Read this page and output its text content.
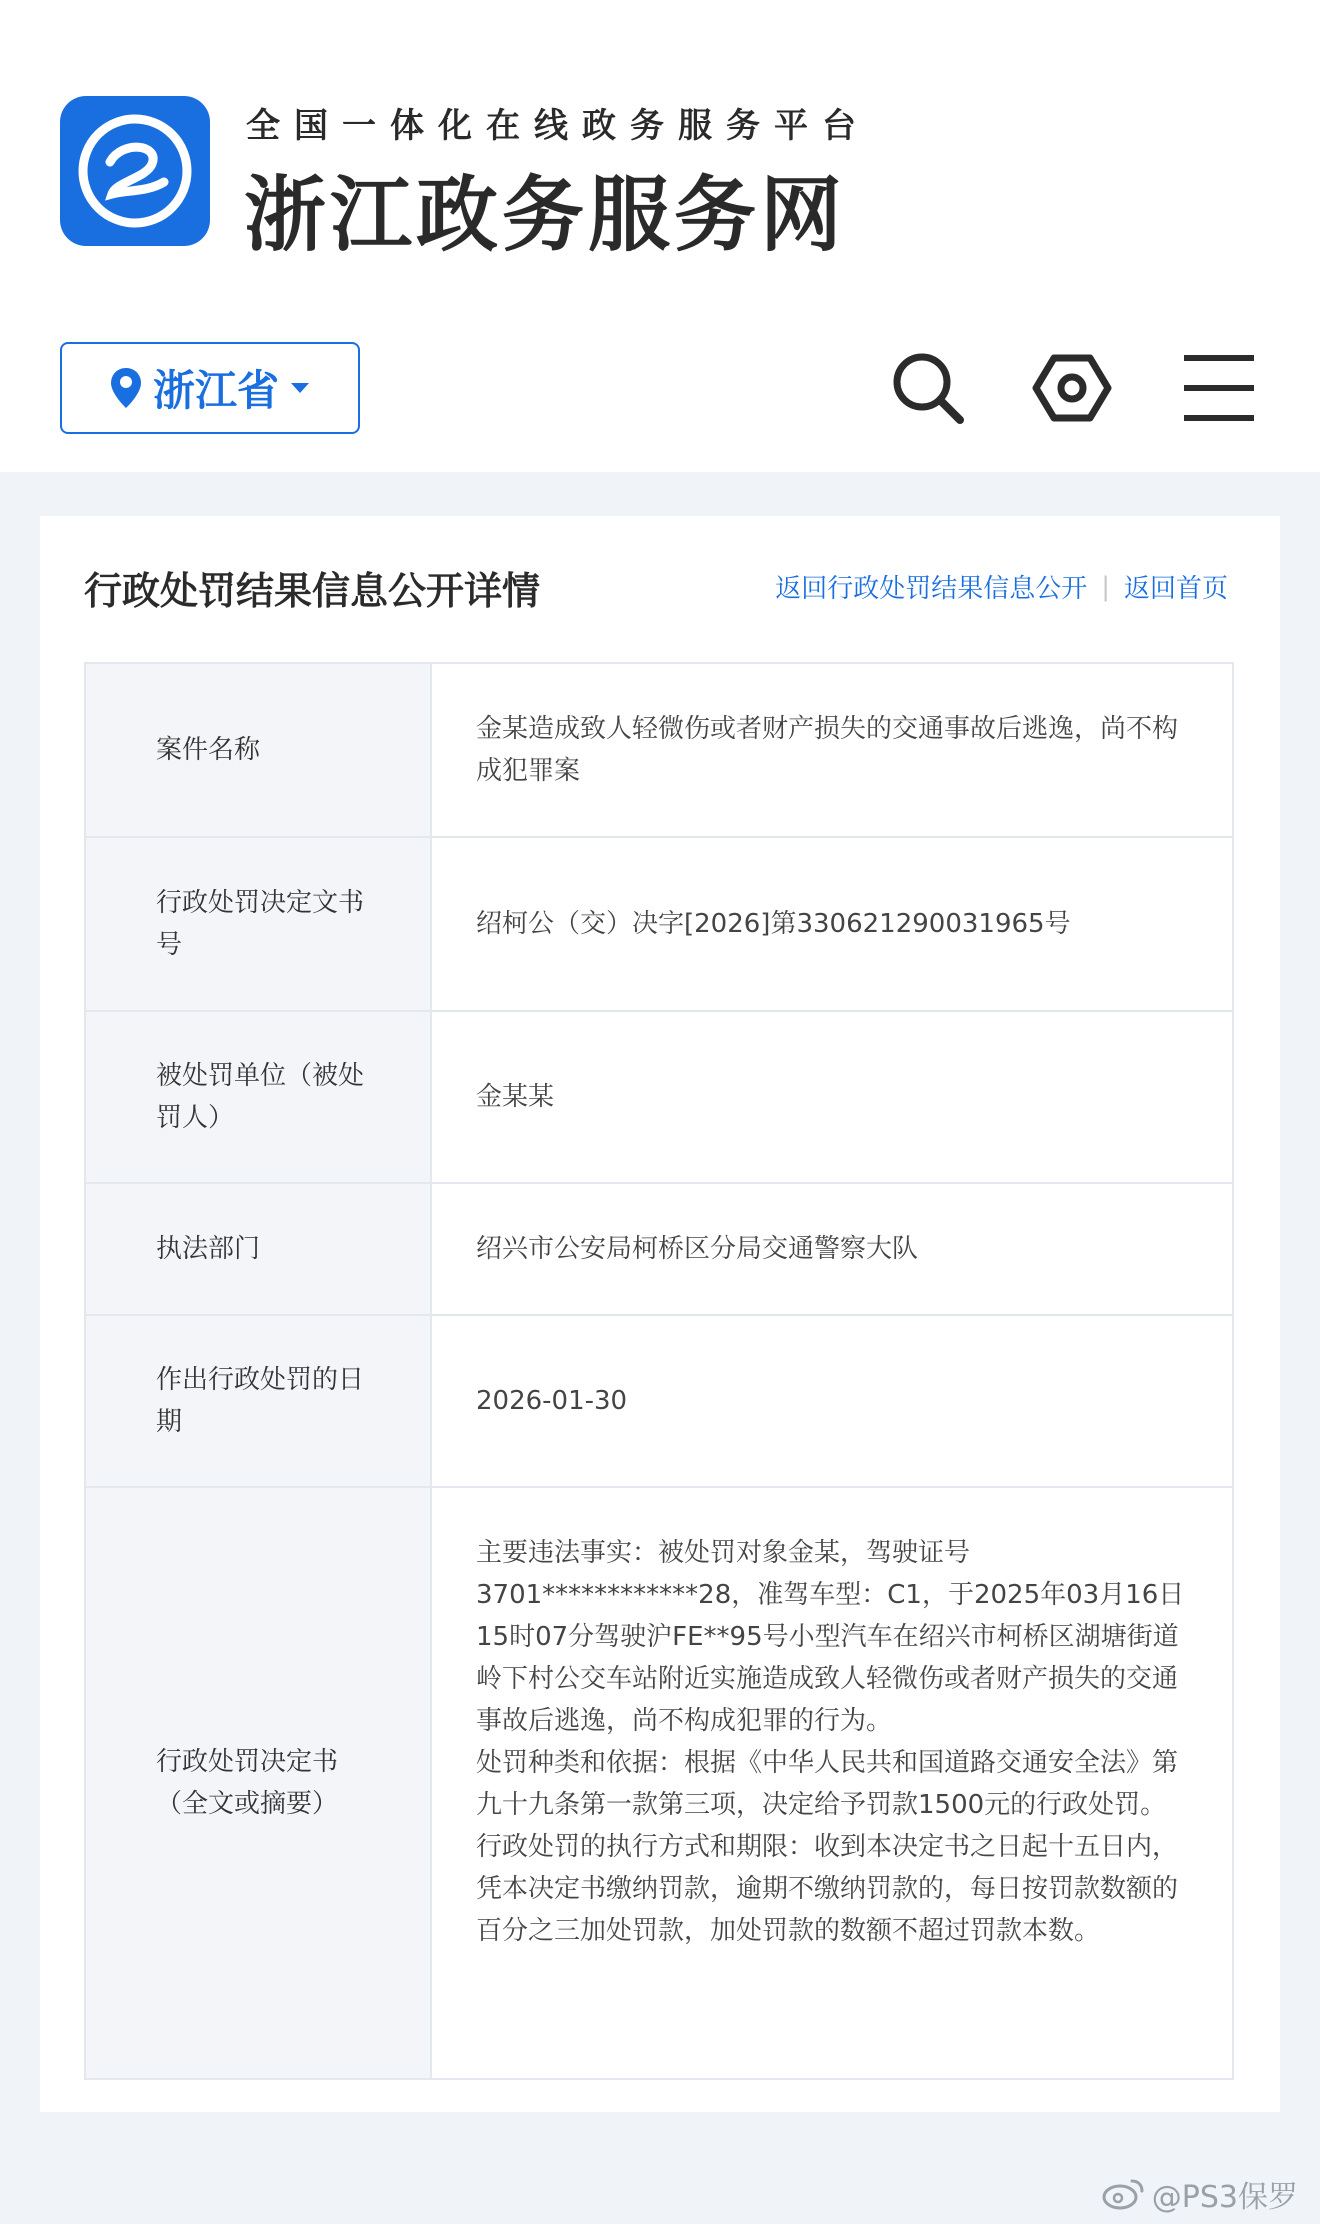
全国一体化在线政务服务平台
浙江政务服务网
浙江省
行政处罚结果信息公开详情	返回行政处罚结果信息公开 | 返回首页
案件名称
金某造成致人轻微伤或者财产损失的交通事故后逃逸，尚不构成犯罪案
行政处罚决定文书号
绍柯公（交）决字[2026]第330621290031965号
被处罚单位（被处罚人）
金某某
执法部门	绍兴市公安局柯桥区分局交通警察大队
作出行政处罚的日期
2026-01-30
行政处罚决定书（全文或摘要）

主要违法事实：被处罚对象金某，驾驶证号3701************28，准驾车型：C1，于2025年03月16日15时07分驾驶沪FE**95号小型汽车在绍兴市柯桥区湖塘街道岭下村公交车站附近实施造成致人轻微伤或者财产损失的交通事故后逃逸，尚不构成犯罪的行为。

处罚种类和依据：根据《中华人民共和国道路交通安全法》第九十九条第一款第三项，决定给予罚款1500元的行政处罚。

行政处罚的执行方式和期限：收到本决定书之日起十五日内，凭本决定书缴纳罚款，逾期不缴纳罚款的，每日按罚款数额的百分之三加处罚款，加处罚款的数额不超过罚款本数。

@PS3保罗
